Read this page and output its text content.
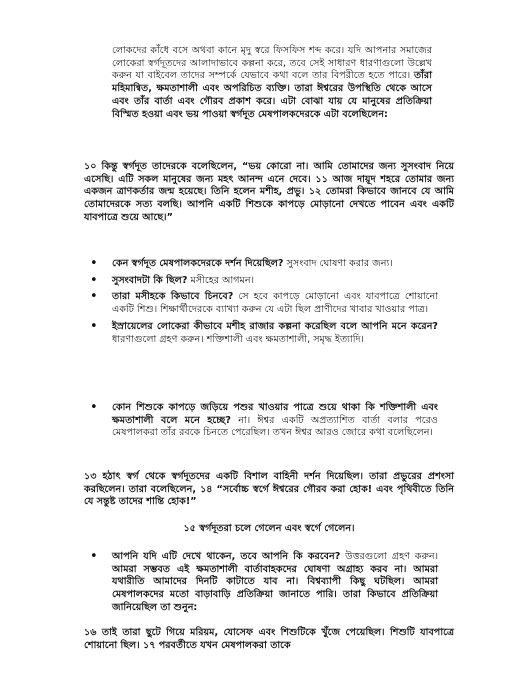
লোকদের কাঁধে বসে অথবা কানে মৃদু স্বরে ফিসফিস শব্দ করে। যদি আপনার সমাজের লোকেরা স্বর্গদূতদের আলাদাভাবে কল্পনা করে, তবে সেই সাধারণ ধারণাগুলো উল্লেখ করুন যা বাইবেল তাদের সম্পর্কে যেভাবে কথা বলে তার বিপরীতে হতে পারে। তাঁরা মহিমান্বিত, ক্ষমতাশালী এবং অপরিচিত ব্যক্তি। তারা ঈশ্বরের উপস্থিতি থেকে আসে এবং তাঁর বার্তা এবং গৌরব প্রকাশ করে। এটা বোঝা যায় যে মানুষের প্রতিক্রিয়া বিস্মিত হওয়া এবং ভয় পাওয়া স্বর্গদূত মেষপালকদেরকে এটা বলেছিলেন:
১০ কিন্তু স্বর্গদূত তাদেরকে বলেছিলেন, “ভয় কোরো না। আমি তোমাদের জন্য সুসংবাদ নিয়ে এসেছি। এটি সকল মানুষের জন্য মহৎ আনন্দ এনে দেবে। ১১ আজ দায়ূদ শহরে তোমার জন্য একজন ত্রাণকর্তার জন্ম হয়েছে। তিনি হলেন মশীহ, প্রভু। ১২ তোমরা কিভাবে জানবে যে আমি তোমাদেরকে সত্য বলছি। আপনি একটি শিশুকে কাপড়ে মোড়ানো দেখতে পাবেন এবং একটি যাবপাত্রে শুয়ে আছে।”
• কেন স্বর্গদূত মেষপালকদেরকে দর্শন দিয়েছিল? সুসংবাদ ঘোষণা করার জন্য।
• সুসংবাদটা কি ছিল? মসীহের আগমন।
• তারা মসীহকে কিভাবে চিনবে? সে হবে কাপড়ে মোড়ানো এবং যাবপাত্রে শোয়ানো একটি শিশু। শিক্ষার্থীদেরকে ব্যাখ্যা করুন যে এটা ছিল প্রাণীদের খাবার খাওয়ার পাত্র।
• ইস্রায়েলের লোকেরা কীভাবে মশীহ রাজার কল্পনা করেছিল বলে আপনি মনে করেন? ধারণাগুলো গ্রহণ করুন। শক্তিশালী এবং ক্ষমতাশালী, সমৃদ্ধ ইত্যাদি।
• কোন শিশুকে কাপড়ে জড়িয়ে পশুর খাওয়ার পাত্রে শুয়ে থাকা কি শক্তিশালী এবং ক্ষমতাশালী বলে মনে হচ্ছে? না। ঈশ্বর একটি অপ্রত্যাশিত বার্তা বলার পরেও মেষপালকরা তাঁর রবকে চিনতে পেরেছিল। তখন ঈশ্বর আরও জোরে কথা বলেছিলেন।
১৩ হঠাৎ স্বর্গ থেকে স্বর্গদূতদের একটি বিশাল বাহিনী দর্শন দিয়েছিল। তারা প্রভুরের প্রশংসা করছিলেন। তারা বলেছিলেন, ১৪ “সর্বোচ্চ স্বর্গে ঈশ্বরের গৌরব করা হোক! এবং পৃথিবীতে তিনি যে সন্তুষ্ট তাদের শান্তি হোক!”
১৫ স্বর্গদূতরা চলে গেলেন এবং স্বর্গে গেলেন।
• আপনি যদি এটি দেখে থাকেন, তবে আপনি কি করবেন? উত্তরগুলো গ্রহণ করুন। আমরা সম্ভবত এই ক্ষমতাশালী বার্তাবাহকদের ঘোষণা অগ্রাহ্য করব না। আমরা যথারীতি আমাদের দিনটি কাটাতে যাব না। বিশ্বব্যাপী কিছু ঘটছিল। আমরা মেষপালকদের মতো বাড়াবাড়ি প্রতিক্রিয়া জানাতে পারি। তারা কিভাবে প্রতিক্রিয়া জানিয়েছিল তা শুনুন:
১৬ তাই তারা ছুটে গিয়ে মরিয়ম, যোসেফ এবং শিশুটিকে খুঁজে পেয়েছিল। শিশুটি যাবপাত্রে শোয়ানো ছিল। ১৭ পরবর্তীতে যখন মেষপালকরা তাকে
